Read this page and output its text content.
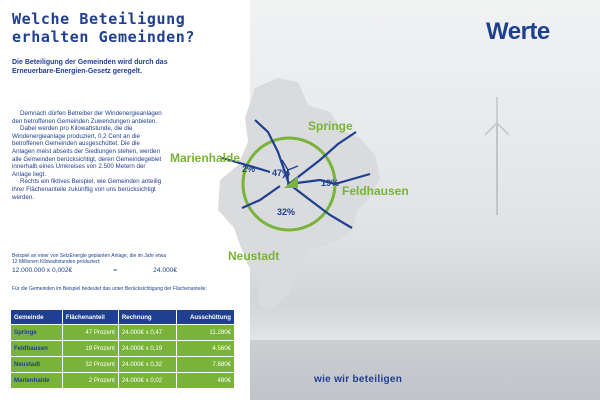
Welche Beteiligung
erhalten Gemeinden?
Die Beteiligung der Gemeinden wird durch das
Erneuerbare-Energien-Gesetz geregelt.

Demnach dürfen Betreiber der Windenergieanlagen den betroffenen Gemeinden Zuwendungen anbieten.

Dabei werden pro Kilowattstunde, die die Windenergieanlage produziert, 0,2 Cent an die betroffenen Gemeinden ausgeschüttet. Die die Anlagen meist abseits der Siedlungen stehen, werden alle Gemeinden berücksichtigt, deren Gemeindegebiet innerhalb eines Umkreises von 2.500 Metern der Anlage liegt.

Rechts ein fiktives Beispiel, wie Gemeinden anteilig ihrer Flächenanteile zukünftig von uns berücksichtigt werden.

Beispiel an einer von SelzEnergie geplanten Anlage, die im Jahr etwa 12 Millionen Kilowattstunden produziert:
12.000.000 x 0,002€	=	24.000€
Für die Gemeinden im Beispiel bedeutet das unter Berücksichtigung der Flächenanteile:
Gemeinde	Flächenanteil	Rechnung	Ausschüttung
Springe	47 Prozent	24.000€ x 0,47	11.280€
Feldhausen	19 Prozent	24.000€ x 0,19	4.560€
Neustadt	32 Prozent	24.000€ x 0,32	7.680€
Marienhalde	2 Prozent	24.000€ x 0,02	480€
Springe
Marienhalde
Feldhausen
Neustadt
47%
2%
19%
32%
Werte
wie wir beteiligen
